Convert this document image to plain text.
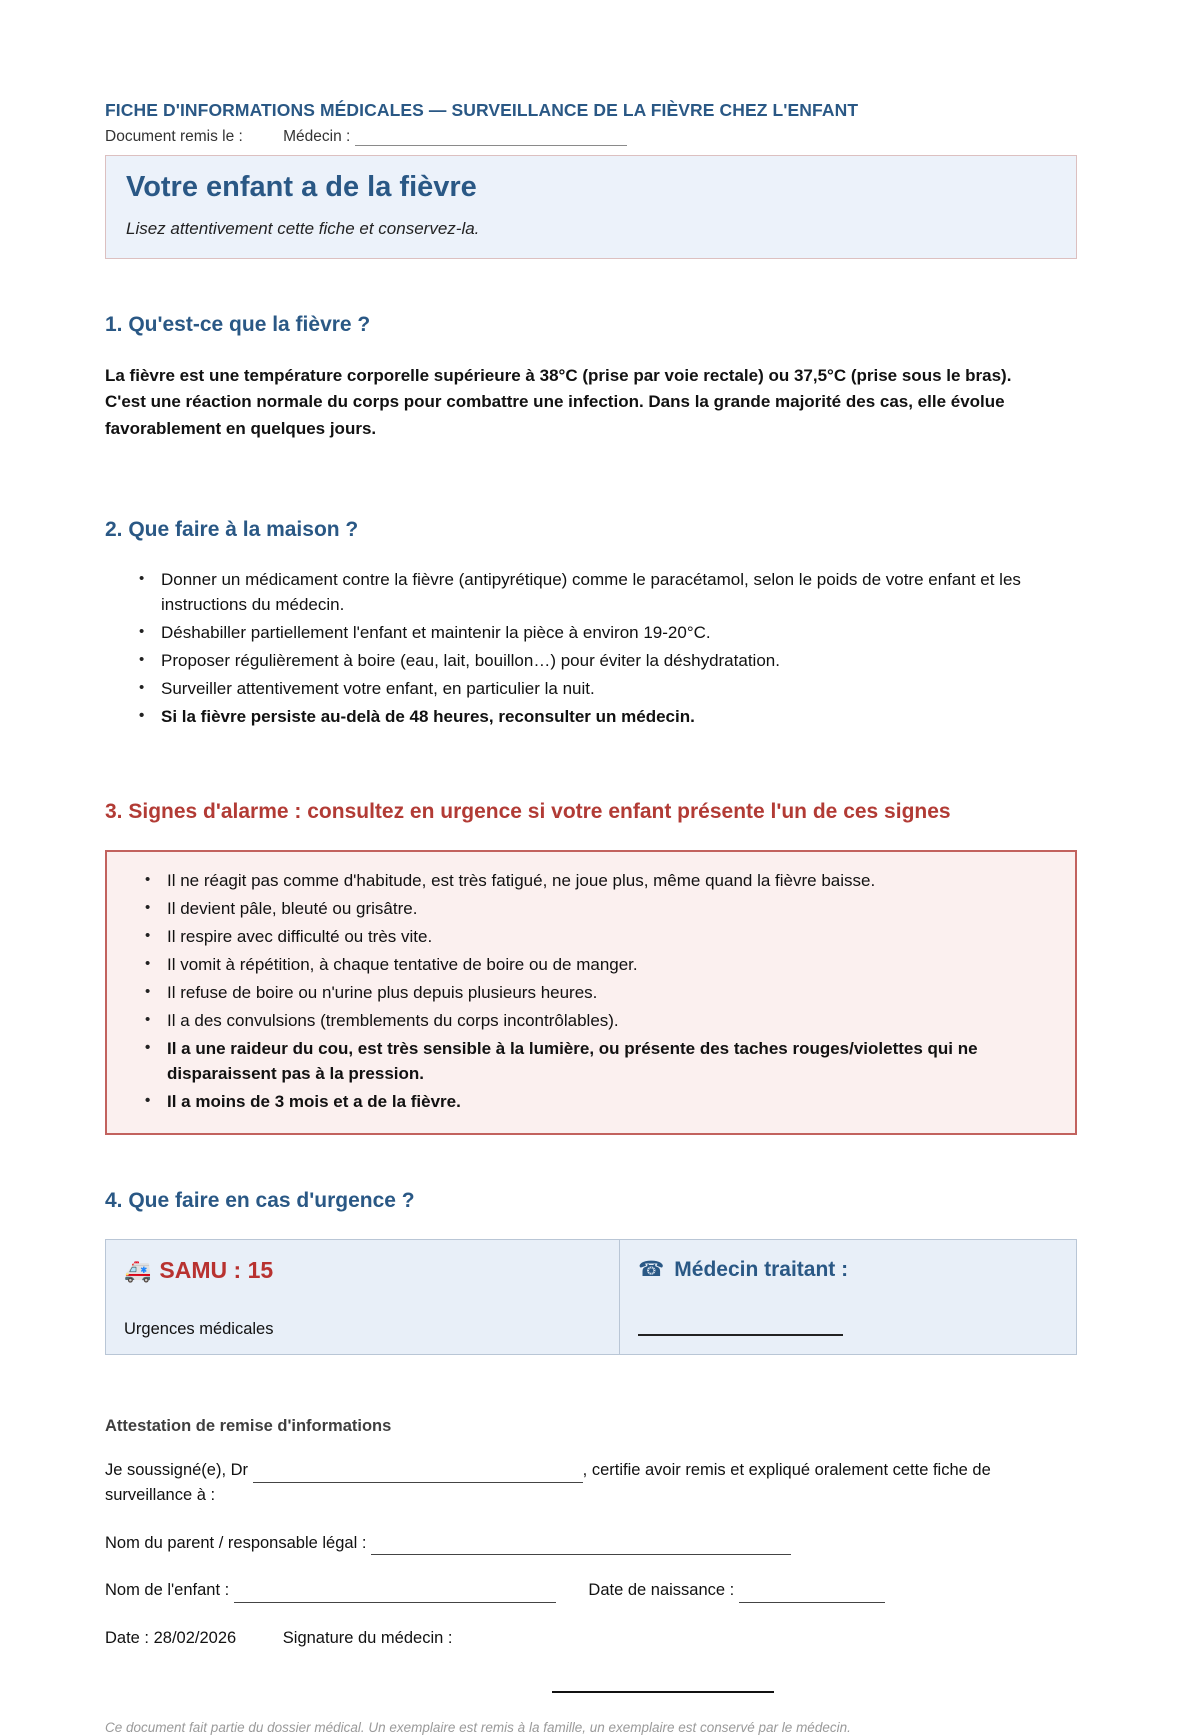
FICHE D'INFORMATIONS MÉDICALES — SURVEILLANCE DE LA FIÈVRE CHEZ L'ENFANT

Document remis le :	Médecin :

Votre enfant a de la fièvre

Lisez attentivement cette fiche et conservez-la.

1. Qu'est-ce que la fièvre ?

La fièvre est une température corporelle supérieure à 38°C (prise par voie rectale) ou 37,5°C (prise sous le bras). C'est une réaction normale du corps pour combattre une infection. Dans la grande majorité des cas, elle évolue favorablement en quelques jours.

2. Que faire à la maison ?
• Donner un médicament contre la fièvre (antipyrétique) comme le paracétamol, selon le poids de votre enfant et les instructions du médecin.
• Déshabiller partiellement l'enfant et maintenir la pièce à environ 19-20°C.
• Proposer régulièrement à boire (eau, lait, bouillon…) pour éviter la déshydratation.
• Surveiller attentivement votre enfant, en particulier la nuit.
• Si la fièvre persiste au-delà de 48 heures, reconsulter un médecin.
3. Signes d'alarme : consultez en urgence si votre enfant présente l'un de ces signes
• Il ne réagit pas comme d'habitude, est très fatigué, ne joue plus, même quand la fièvre baisse.
• Il devient pâle, bleuté ou grisâtre.
• Il respire avec difficulté ou très vite.
• Il vomit à répétition, à chaque tentative de boire ou de manger.
• Il refuse de boire ou n'urine plus depuis plusieurs heures.
• Il a des convulsions (tremblements du corps incontrôlables).
• Il a une raideur du cou, est très sensible à la lumière, ou présente des taches rouges/violettes qui ne disparaissent pas à la pression.
• Il a moins de 3 mois et a de la fièvre.
4. Que faire en cas d'urgence ?
🚑 SAMU : 15
Urgences médicales
☎ Médecin traitant :
Attestation de remise d'informations

Je soussigné(e), Dr	, certifie avoir remis et expliqué oralement cette fiche de surveillance à :

Nom du parent / responsable légal :

Nom de l'enfant :	Date de naissance :

Date : 28/02/2026	Signature du médecin :

Ce document fait partie du dossier médical. Un exemplaire est remis à la famille, un exemplaire est conservé par le médecin.
